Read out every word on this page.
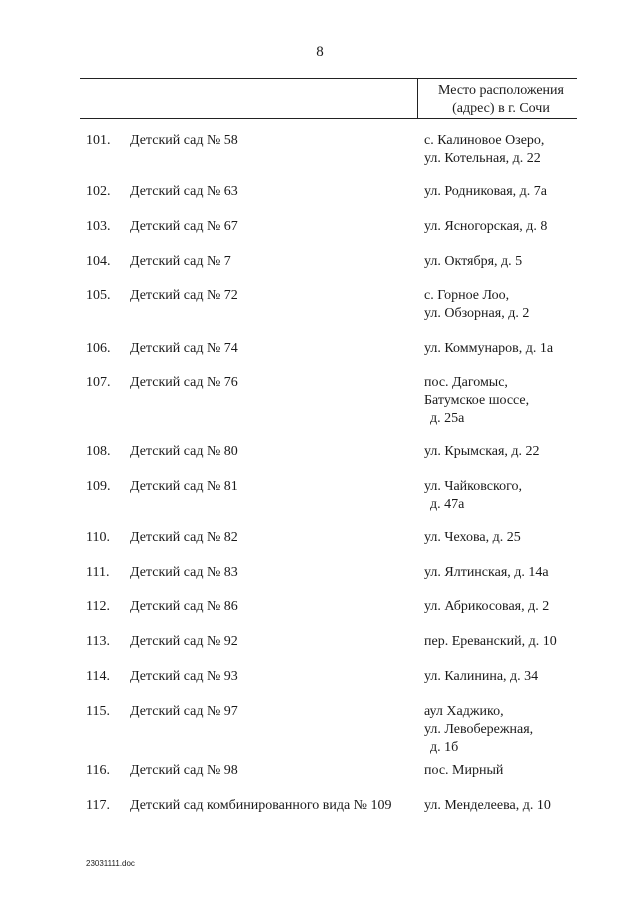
8
Место расположения
(адрес) в г. Сочи
101. Детский сад № 58	с. Калиновое Озеро,
ул. Котельная, д. 22
102. Детский сад № 63	ул. Родниковая, д. 7а
103. Детский сад № 67	ул. Ясногорская, д. 8
104. Детский сад № 7	ул. Октября, д. 5
105. Детский сад № 72	с. Горное Лоо,
ул. Обзорная, д. 2
106. Детский сад № 74	ул. Коммунаров, д. 1а
107. Детский сад № 76	пос. Дагомыс,
Батумское шоссе,
д. 25а
108. Детский сад № 80	ул. Крымская, д. 22
109. Детский сад № 81	ул. Чайковского,
д. 47а
110. Детский сад № 82	ул. Чехова, д. 25
111. Детский сад № 83	ул. Ялтинская, д. 14а
112. Детский сад № 86	ул. Абрикосовая, д. 2
113. Детский сад № 92	пер. Ереванский, д. 10
114. Детский сад № 93	ул. Калинина, д. 34
115. Детский сад № 97	аул Хаджико,
ул. Левобережная,
д. 1б
116. Детский сад № 98	пос. Мирный
117. Детский сад комбинированного вида № 109 ул. Менделеева, д. 10
23031111.doc
